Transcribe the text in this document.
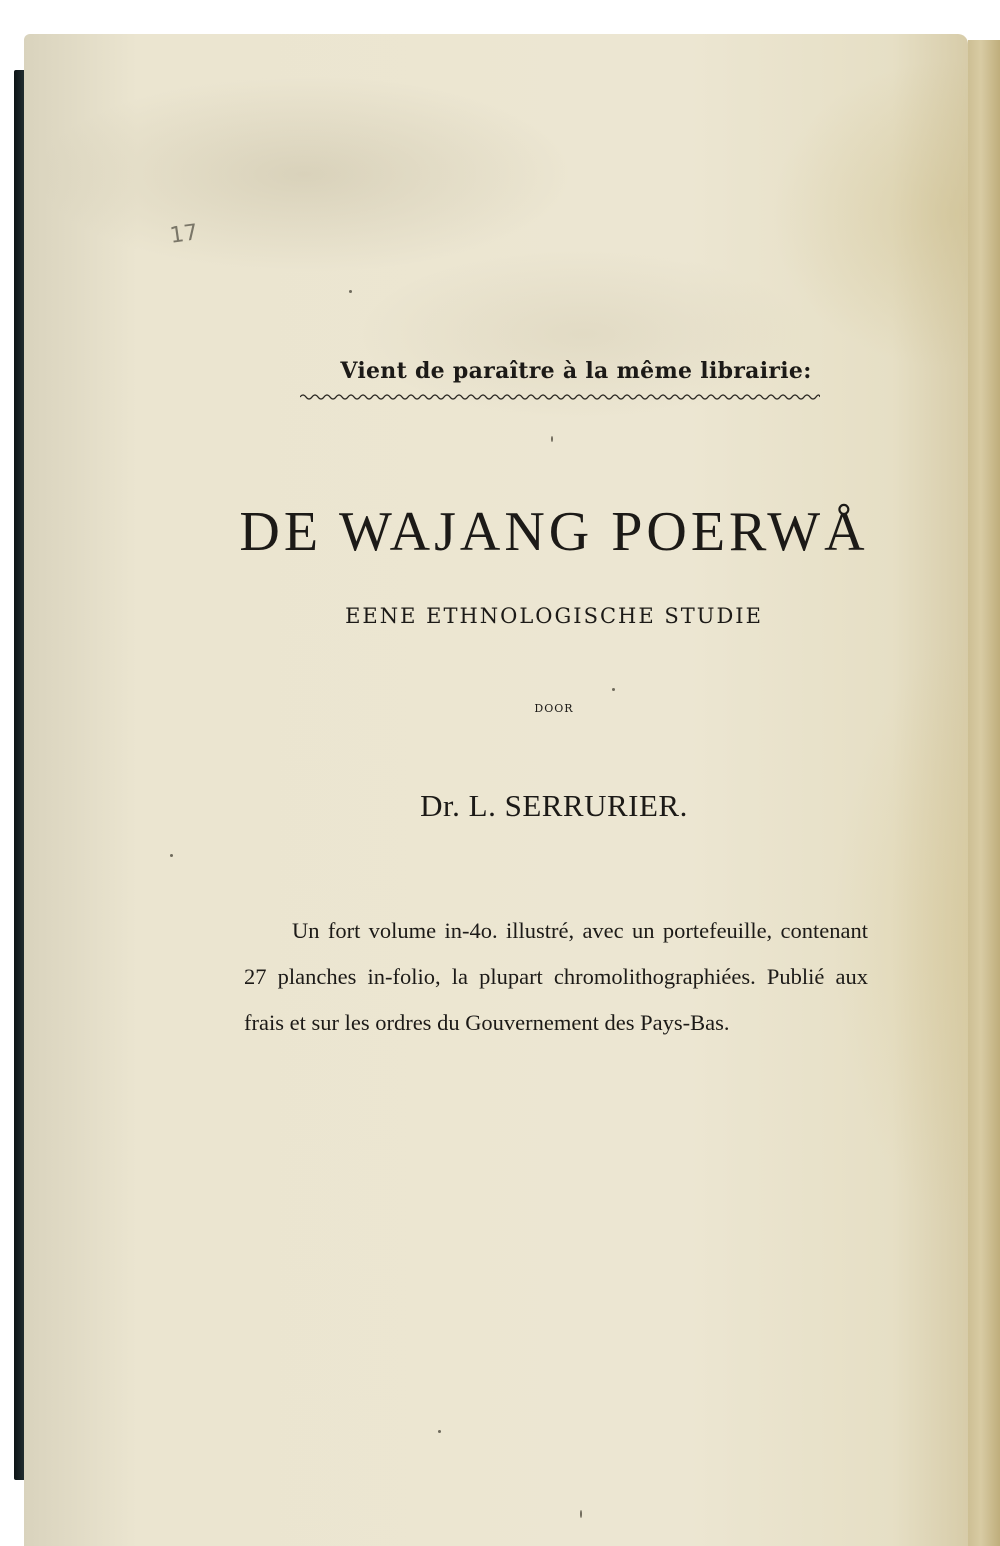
17
Vient de paraître à la même librairie:
DE WAJANG POERWÅ
EENE ETHNOLOGISCHE STUDIE
DOOR
Dr. L. SERRURIER.
Un fort volume in-4o. illustré, avec un portefeuille, contenant 27 planches in-folio, la plupart chromolithographiées. Publié aux frais et sur les ordres du Gouvernement des Pays-Bas.
